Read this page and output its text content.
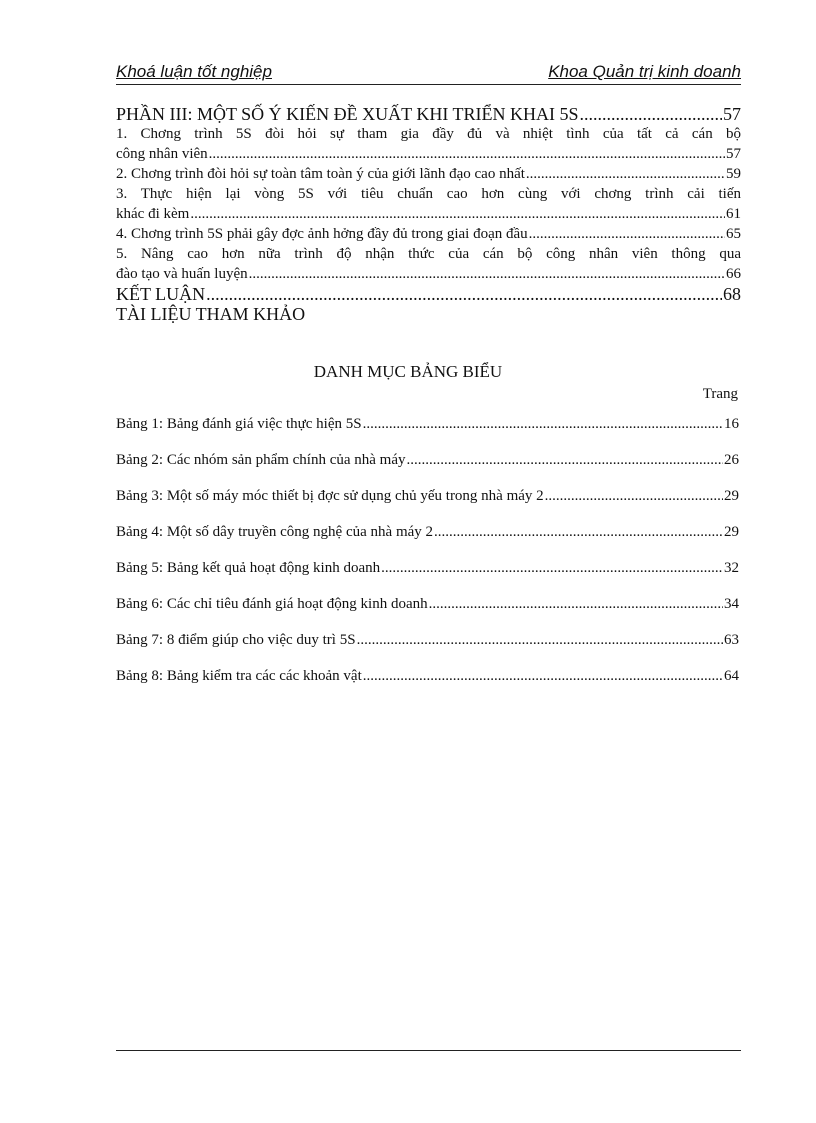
Khoá luận tốt nghiệp	Khoa Quản trị kinh doanh
PHẦN III: MỘT SỐ Ý KIẾN ĐỀ XUẤT KHI TRIỂN KHAI 5S .....	57
1. Chơng trình 5S đòi hỏi sự tham gia đầy đủ và nhiệt tình của tất cả cán bộ
công nhân viên .....	57
2. Chơng trình đòi hỏi sự toàn tâm toàn ý của giới lãnh đạo cao nhất .....	59
3. Thực hiện lại vòng 5S với tiêu chuẩn cao hơn cùng với chơng trình cải tiến
khác đi kèm .....	61
4. Chơng trình 5S phải gây đợc ảnh hởng đầy đủ trong giai đoạn đầu .....	65
5. Nâng cao hơn nữa trình độ nhận thức của cán bộ công nhân viên thông qua
đào tạo và huấn luyện .....	66
KẾT LUẬN .....	68
TÀI LIỆU THAM KHẢO
DANH MỤC BẢNG BIỂU
Trang
Bảng 1: Bảng đánh giá việc thực hiện 5S .....	16
Bảng 2: Các nhóm sản phẩm chính của nhà máy .....	26
Bảng 3: Một số máy móc thiết bị đợc sử dụng chủ yếu trong nhà máy 2 .....	29
Bảng 4: Một số dây truyền công nghệ của nhà máy 2 .....	29
Bảng 5: Bảng kết quả hoạt động kinh doanh .....	32
Bảng 6: Các chỉ tiêu đánh giá hoạt động kinh doanh .....	34
Bảng 7: 8 điểm giúp cho việc duy trì 5S .....	63
Bảng 8: Bảng kiểm tra các các khoản vật .....	64
